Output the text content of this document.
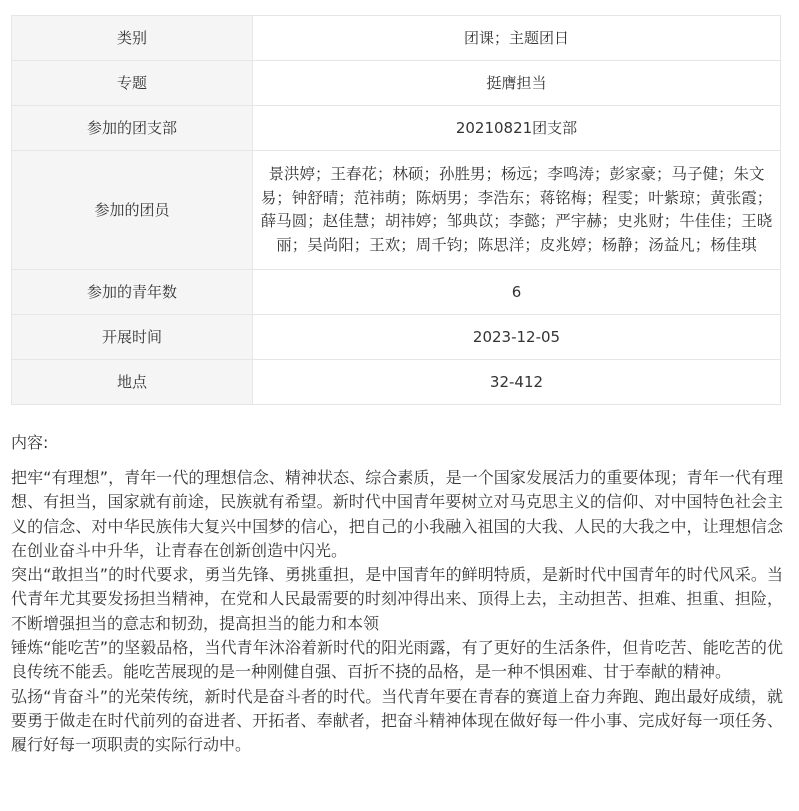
类别	团课；主题团日
专题	挺膺担当
参加的团支部	20210821团支部
参加的团员	景洪婷；王春花；林硕；孙胜男；杨远；李鸣涛；彭家豪；马子健；朱文易；钟舒晴；范祎萌；陈炳男；李浩东；蒋铭梅；程雯；叶紫琼；黄张霞；薛马圆；赵佳慧；胡祎婷；邹典苡；李懿；严宇赫；史兆财；牛佳佳；王晓丽；吴尚阳；王欢；周千钧；陈思洋；皮兆婷；杨静；汤益凡；杨佳琪
参加的青年数	6
开展时间	2023-12-05
地点	32-412
内容:

把牢“有理想”，青年一代的理想信念、精神状态、综合素质，是一个国家发展活力的重要体现；青年一代有理想、有担当，国家就有前途，民族就有希望。新时代中国青年要树立对马克思主义的信仰、对中国特色社会主义的信念、对中华民族伟大复兴中国梦的信心，把自己的小我融入祖国的大我、人民的大我之中，让理想信念在创业奋斗中升华，让青春在创新创造中闪光。

突出“敢担当”的时代要求，勇当先锋、勇挑重担，是中国青年的鲜明特质，是新时代中国青年的时代风采。当代青年尤其要发扬担当精神，在党和人民最需要的时刻冲得出来、顶得上去，主动担苦、担难、担重、担险，不断增强担当的意志和韧劲，提高担当的能力和本领

锤炼“能吃苦”的坚毅品格，当代青年沐浴着新时代的阳光雨露，有了更好的生活条件，但肯吃苦、能吃苦的优良传统不能丢。能吃苦展现的是一种刚健自强、百折不挠的品格，是一种不惧困难、甘于奉献的精神。

弘扬“肯奋斗”的光荣传统，新时代是奋斗者的时代。当代青年要在青春的赛道上奋力奔跑、跑出最好成绩，就要勇于做走在时代前列的奋进者、开拓者、奉献者，把奋斗精神体现在做好每一件小事、完成好每一项任务、履行好每一项职责的实际行动中。
